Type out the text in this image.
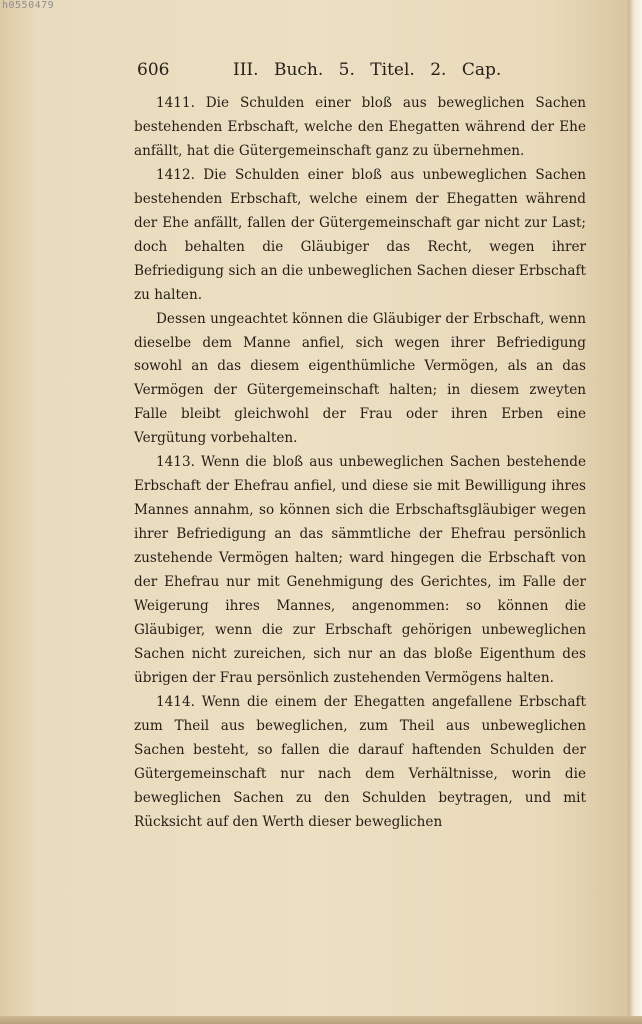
h0550479
606	III. Buch. 5. Titel. 2. Cap.

1411. Die Schulden einer bloß aus beweglichen Sachen bestehenden Erbschaft, welche den Ehegatten während der Ehe anfällt, hat die Gütergemeinschaft ganz zu übernehmen.

1412. Die Schulden einer bloß aus unbeweglichen Sachen bestehenden Erbschaft, welche einem der Ehegatten während der Ehe anfällt, fallen der Gütergemeinschaft gar nicht zur Last; doch behalten die Gläubiger das Recht, wegen ihrer Befriedigung sich an die unbeweglichen Sachen dieser Erbschaft zu halten.

Dessen ungeachtet können die Gläubiger der Erbschaft, wenn dieselbe dem Manne anfiel, sich wegen ihrer Befriedigung sowohl an das diesem eigenthümliche Vermögen, als an das Vermögen der Gütergemeinschaft halten; in diesem zweyten Falle bleibt gleichwohl der Frau oder ihren Erben eine Vergütung vorbehalten.

1413. Wenn die bloß aus unbeweglichen Sachen bestehende Erbschaft der Ehefrau anfiel, und diese sie mit Bewilligung ihres Mannes annahm, so können sich die Erbschaftsgläubiger wegen ihrer Befriedigung an das sämmtliche der Ehefrau persönlich zustehende Vermögen halten; ward hingegen die Erbschaft von der Ehefrau nur mit Genehmigung des Gerichtes, im Falle der Weigerung ihres Mannes, angenommen: so können die Gläubiger, wenn die zur Erbschaft gehörigen unbeweglichen Sachen nicht zureichen, sich nur an das bloße Eigenthum des übrigen der Frau persönlich zustehenden Vermögens halten.

1414. Wenn die einem der Ehegatten angefallene Erbschaft zum Theil aus beweglichen, zum Theil aus unbeweglichen Sachen besteht, so fallen die darauf haftenden Schulden der Gütergemeinschaft nur nach dem Verhältnisse, worin die beweglichen Sachen zu den Schulden beytragen, und mit Rücksicht auf den Werth dieser beweglichen
